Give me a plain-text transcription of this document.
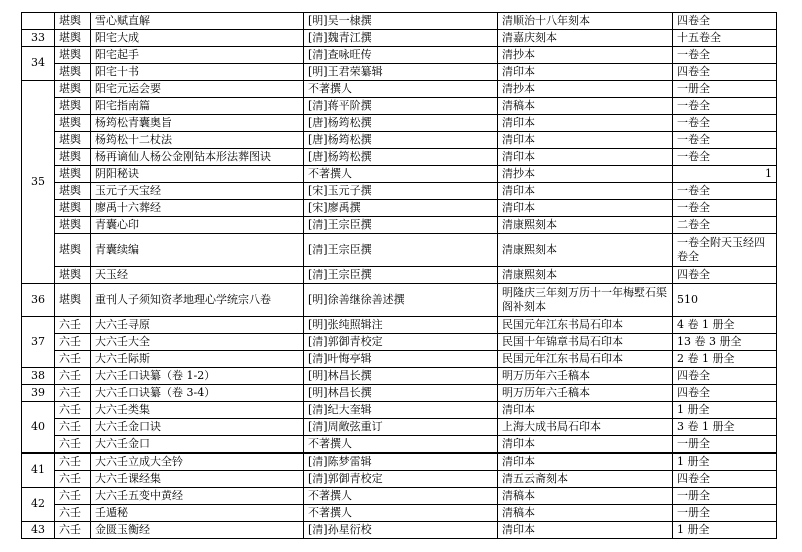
	堪舆	雪心赋直解	[明]吴一棣撰	清顺治十八年刻本	四卷全
33	堪舆	阳宅大成	[清]魏青江撰	清嘉庆刻本	十五卷全
34	堪舆	阳宅起手	[清]查咏旺传	清抄本	一卷全
	堪舆	阳宅十书	[明]王君荣纂辑	清印本	四卷全
35	堪舆	阳宅元运会要	不著撰人	清抄本	一册全
	堪舆	阳宅指南篇	[清]蒋平阶撰	清稿本	一卷全
	堪舆	杨筠松青囊奥旨	[唐]杨筠松撰	清印本	一卷全
	堪舆	杨筠松十二杖法	[唐]杨筠松撰	清印本	一卷全
	堪舆	杨再谪仙人杨公金刚钻本形法葬图诀	[唐]杨筠松撰	清印本	一卷全
	堪舆	阴阳秘诀	不著撰人	清抄本	1
	堪舆	玉元子天宝经	[宋]玉元子撰	清印本	一卷全
	堪舆	廖禹十六葬经	[宋]廖禹撰	清印本	一卷全
	堪舆	青囊心印	[清]王宗臣撰	清康熙刻本	二卷全
	堪舆	青囊续编	[清]王宗臣撰	清康熙刻本	一卷全附天玉经四卷全
	堪舆	天玉经	[清]王宗臣撰	清康熙刻本	四卷全
36	堪舆	重刊人子须知资孝地理心学统宗八卷	[明]徐善继徐善述撰	明隆庆三年刻万历十一年梅墅石渠阁补刻本	510
37	六壬	大六壬寻原	[明]张纯照辑注	民国元年江东书局石印本	4 卷 1 册全
	六壬	大六壬大全	[清]郭御青校定	民国十年锦章书局石印本	13 卷 3 册全
	六壬	大六壬际斯	[清]叶悔亭辑	民国元年江东书局石印本	2 卷 1 册全
38	六壬	大六壬口诀纂（卷 1-2）	[明]林昌长撰	明万历年六壬稿本	四卷全
39	六壬	大六壬口诀纂（卷 3-4）	[明]林昌长撰	明万历年六壬稿本	四卷全
40	六壬	大六壬类集	[清]纪大奎辑	清印本	1 册全
	六壬	大六壬金口诀	[清]周敞弦重订	上海大成书局石印本	3 卷 1 册全
	六壬	大六壬金口	不著撰人	清印本	一册全
41	六壬	大六壬立成大全钤	[清]陈梦雷辑	清印本	1 册全
	六壬	大六壬课经集	[清]郭御青校定	清五云斋刻本	四卷全
42	六壬	大六壬五变中黄经	不著撰人	清稿本	一册全
	六壬	壬遁秘	不著撰人	清稿本	一册全
43	六壬	金匮玉衡经	[清]孙星衍校	清印本	1 册全
